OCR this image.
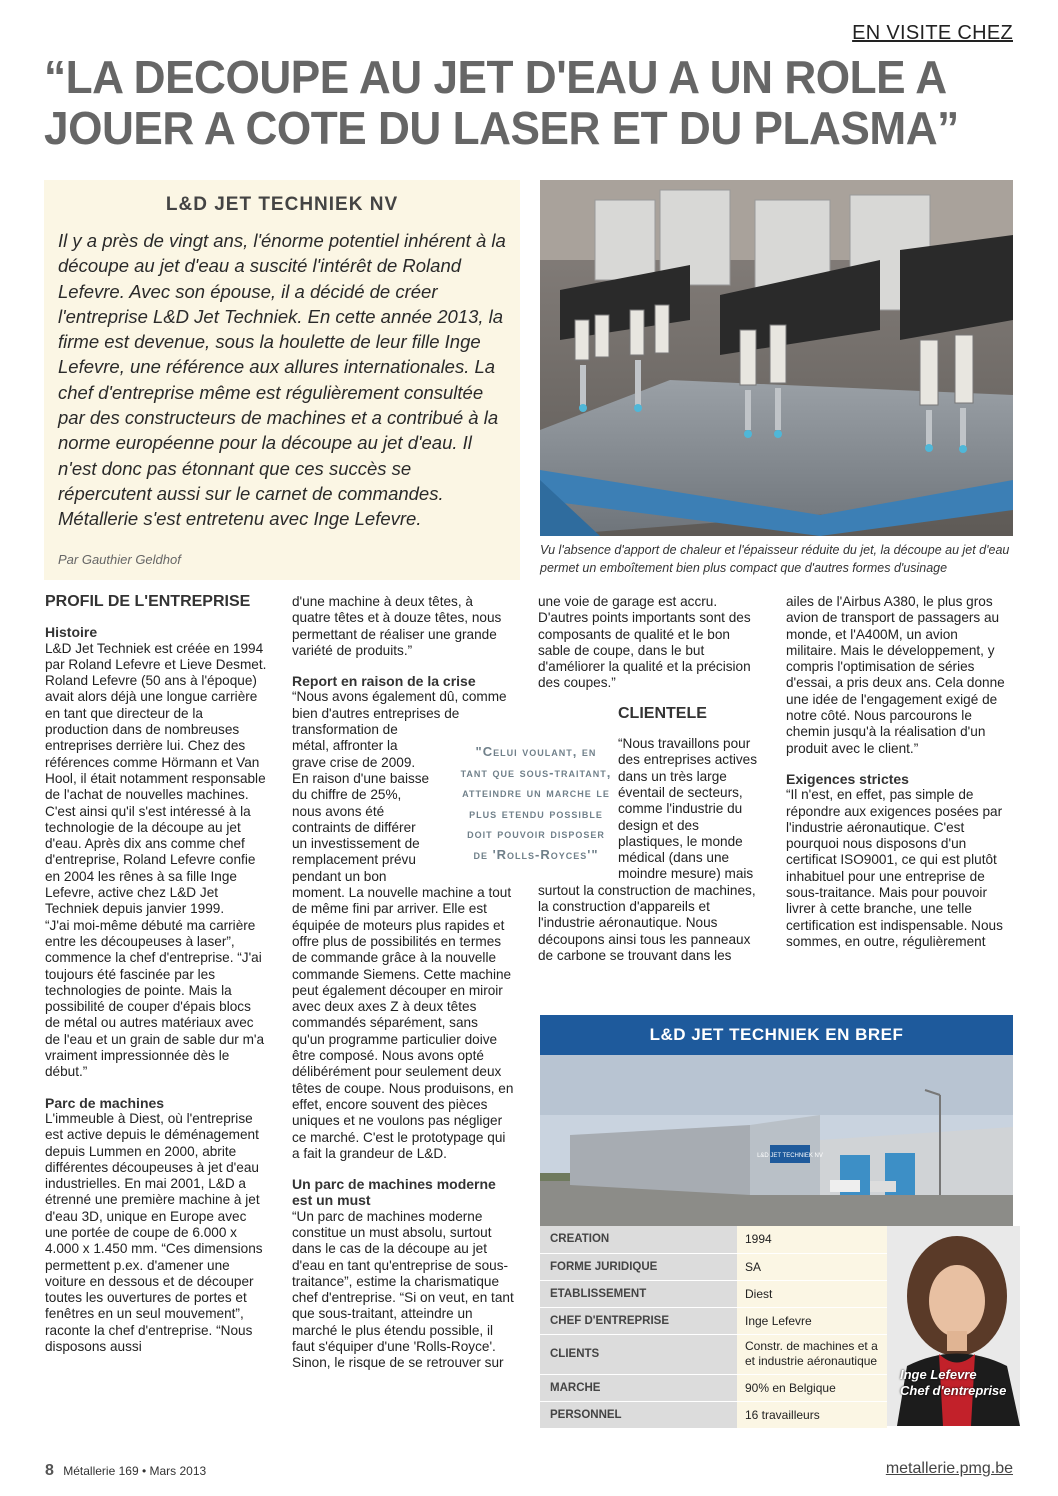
EN VISITE CHEZ
“LA DECOUPE AU JET D'EAU A UN ROLE A JOUER A COTE DU LASER ET DU PLASMA”
L&D JET TECHNIEK NV

Il y a près de vingt ans, l'énorme potentiel inhérent à la découpe au jet d'eau a suscité l'intérêt de Roland Lefevre. Avec son épouse, il a décidé de créer l'entreprise L&D Jet Techniek. En cette année 2013, la firme est devenue, sous la houlette de leur fille Inge Lefevre, une référence aux allures internationales. La chef d'entreprise même est régulièrement consultée par des constructeurs de machines et a contribué à la norme européenne pour la découpe au jet d'eau. Il n'est donc pas étonnant que ces succès se répercutent aussi sur le carnet de commandes. Métallerie s'est entretenu avec Inge Lefevre.

Par Gauthier Geldhof

Vu l'absence d'apport de chaleur et l'épaisseur réduite du jet, la découpe au jet d'eau permet un emboîtement bien plus compact que d'autres formes d'usinage

PROFIL DE L'ENTREPRISE
Histoire

L&D Jet Techniek est créée en 1994 par Roland Lefevre et Lieve Desmet. Roland Lefevre (50 ans à l'époque) avait alors déjà une longue carrière en tant que directeur de la production dans de nombreuses entreprises derrière lui. Chez des références comme Hörmann et Van Hool, il était notamment responsable de l'achat de nouvelles machines. C'est ainsi qu'il s'est intéressé à la technologie de la découpe au jet d'eau. Après dix ans comme chef d'entreprise, Roland Lefevre confie en 2004 les rênes à sa fille Inge Lefevre, active chez L&D Jet Techniek depuis janvier 1999.

“J'ai moi-même débuté ma carrière entre les découpeuses à laser”, commence la chef d'entreprise. “J'ai toujours été fascinée par les technologies de pointe. Mais la possibilité de couper d'épais blocs de métal ou autres matériaux avec de l'eau et un grain de sable dur m'a vraiment impressionnée dès le début.”

Parc de machines

L'immeuble à Diest, où l'entreprise est active depuis le déménagement depuis Lummen en 2000, abrite différentes découpeuses à jet d'eau industrielles. En mai 2001, L&D a étrenné une première machine à jet d'eau 3D, unique en Europe avec une portée de coupe de 6.000 x 4.000 x 1.450 mm. “Ces dimensions permettent p.ex. d'amener une voiture en dessous et de découper toutes les ouvertures de portes et fenêtres en un seul mouvement”, raconte la chef d'entreprise. “Nous disposons aussi

d'une machine à deux têtes, à quatre têtes et à douze têtes, nous permettant de réaliser une grande variété de produits.”

Report en raison de la crise

“Nous avons également dû, comme bien d'autres entreprises de transformation de métal, affronter la grave crise de 2009. En raison d'une baisse du chiffre de 25%, nous avons été contraints de différer un investissement de remplacement prévu pendant un bon moment. La nouvelle machine a tout de même fini par arriver. Elle est équipée de moteurs plus rapides et offre plus de possibilités en termes de commande grâce à la nouvelle commande Siemens. Cette machine peut également découper en miroir avec deux axes Z à deux têtes commandés séparément, sans qu'un programme particulier doive être composé. Nous avons opté délibérément pour seulement deux têtes de coupe. Nous produisons, en effet, encore souvent des pièces uniques et ne voulons pas négliger ce marché. C'est le prototypage qui a fait la grandeur de L&D.

Un parc de machines moderne est un must

“Un parc de machines moderne constitue un must absolu, surtout dans le cas de la découpe au jet d'eau en tant qu'entreprise de sous-traitance”, estime la charismatique chef d'entreprise. “Si on veut, en tant que sous-traitant, atteindre un marché le plus étendu possible, il faut s'équiper d'une 'Rolls-Royce'. Sinon, le risque de se retrouver sur

une voie de garage est accru. D'autres points importants sont des composants de qualité et le bon sable de coupe, dans le but d'améliorer la qualité et la précision des coupes.”

CLIENTELE

“Nous travaillons pour des entreprises actives dans un très large éventail de secteurs, comme l'industrie du design et des plastiques, le monde médical (dans une moindre mesure) mais surtout la construction de machines, la construction d'appareils et l'industrie aéronautique. Nous découpons ainsi tous les panneaux de carbone se trouvant dans les

ailes de l'Airbus A380, le plus gros avion de transport de passagers au monde, et l'A400M, un avion militaire. Mais le développement, y compris l'optimisation de séries d'essai, a pris deux ans. Cela donne une idée de l'engagement exigé de notre côté. Nous parcourons le chemin jusqu'à la réalisation d'un produit avec le client.”

Exigences strictes

“Il n'est, en effet, pas simple de répondre aux exigences posées par l'industrie aéronautique. C'est pourquoi nous disposons d'un certificat ISO9001, ce qui est plutôt inhabituel pour une entreprise de sous-traitance. Mais pour pouvoir livrer à cette branche, une telle certification est indispensable. Nous sommes, en outre, régulièrement

"Celui voulant, en tant que sous-traitant, atteindre un marche le plus etendu possible doit pouvoir disposer de 'Rolls-Royces'"
L&D JET TECHNIEK EN BREF
L&D JET TECHNIEK NV
CREATION	1994
FORME JURIDIQUE	SA
ETABLISSEMENT	Diest
CHEF D'ENTREPRISE	Inge Lefevre
CLIENTS	Constr. de machines et a
et industrie aéronautique
MARCHE	90% en Belgique
PERSONNEL	16 travailleurs
Inge Lefevre
Chef d'entreprise
8 Métallerie 169 • Mars 2013	metallerie.pmg.be
